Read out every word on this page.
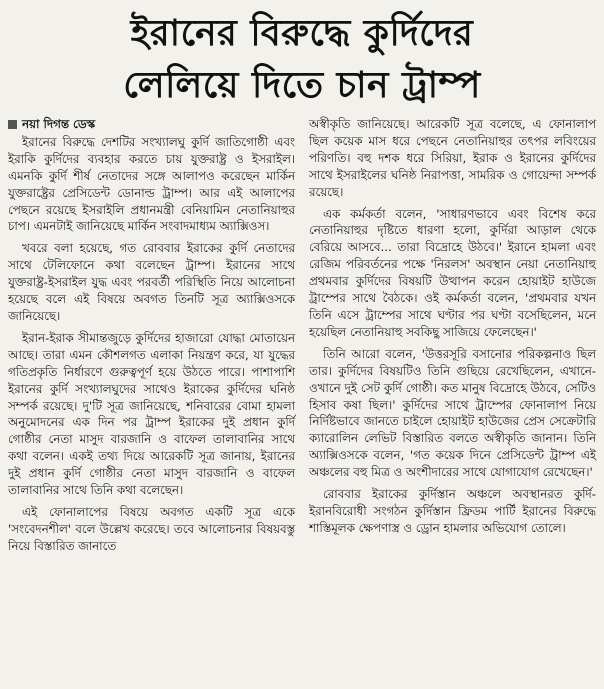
ইরানের বিরুদ্ধে কুর্দিদের
লেলিয়ে দিতে চান ট্রাম্প
নয়া দিগন্ত ডেস্ক

ইরানের বিরুদ্ধে দেশটির সংখ্যালঘু কুর্দি জাতিগোষ্ঠী এবং ইরাকি কুর্দিদের ব্যবহার করতে চায় যুক্তরাষ্ট্র ও ইসরাইল। এমনকি কুর্দি শীর্ষ নেতাদের সঙ্গে আলাপও করেছেন মার্কিন যুক্তরাষ্ট্রের প্রেসিডেন্ট ডোনাল্ড ট্রাম্প। আর এই আলাপের পেছনে রয়েছে ইসরাইলি প্রধানমন্ত্রী বেনিয়ামিন নেতানিয়াহুর চাপ। এমনটাই জানিয়েছে মার্কিন সংবাদমাধ্যম অ্যাক্সিওস।

খবরে বলা হয়েছে, গত রোববার ইরাকের কুর্দি নেতাদের সাথে টেলিফোনে কথা বলেছেন ট্রাম্প। ইরানের সাথে যুক্তরাষ্ট্র-ইসরাইল যুদ্ধ এবং পরবর্তী পরিস্থিতি নিয়ে আলোচনা হয়েছে বলে এই বিষয়ে অবগত তিনটি সূত্র অ্যাক্সিওসকে জানিয়েছে।

ইরান-ইরাক সীমান্তজুড়ে কুর্দিদের হাজারো যোদ্ধা মোতায়েন আছে। তারা এমন কৌশলগত এলাকা নিয়ন্ত্রণ করে, যা যুদ্ধের গতিপ্রকৃতি নির্ধারণে গুরুত্বপূর্ণ হয়ে উঠতে পারে। পাশাপাশি ইরানের কুর্দি সংখ্যালঘুদের সাথেও ইরাকের কুর্দিদের ঘনিষ্ঠ সম্পর্ক রয়েছে। দু'টি সূত্র জানিয়েছে, শনিবারের বোমা হামলা অনুমোদনের এক দিন পর ট্রাম্প ইরাকের দুই প্রধান কুর্দি গোষ্ঠীর নেতা মাসুদ বারজানি ও বাফেল তালাবানির সাথে কথা বলেন। একই তথ্য দিয়ে আরেকটি সূত্র জানায়, ইরানের দুই প্রধান কুর্দি গোষ্ঠীর নেতা মাসুদ বারজানি ও বাফেল তালাবানির সাথে তিনি কথা বলেছেন।

এই ফোনালাপের বিষয়ে অবগত একটি সূত্র একে 'সংবেদনশীল' বলে উল্লেখ করেছে। তবে আলোচনার বিষয়বস্তু নিয়ে বিস্তারিত জানাতে

অস্বীকৃতি জানিয়েছে। আরেকটি সূত্র বলেছে, এ ফোনালাপ ছিল কয়েক মাস ধরে পেছনে নেতানিয়াহুর তৎপর লবিংয়ের পরিণতি। বহু দশক ধরে সিরিয়া, ইরাক ও ইরানের কুর্দিদের সাথে ইসরাইলের ঘনিষ্ঠ নিরাপত্তা, সামরিক ও গোয়েন্দা সম্পর্ক রয়েছে।

এক কর্মকর্তা বলেন, 'সাধারণভাবে এবং বিশেষ করে নেতানিয়াহুর দৃষ্টিতে ধারণা হলো, কুর্দিরা আড়াল থেকে বেরিয়ে আসবে... তারা বিদ্রোহে উঠবে।' ইরানে হামলা এবং রেজিম পরিবর্তনের পক্ষে 'নিরলস' অবস্থান নেয়া নেতানিয়াহু প্রথমবার কুর্দিদের বিষয়টি উত্থাপন করেন হোয়াইট হাউজে ট্রাম্পের সাথে বৈঠকে। ওই কর্মকর্তা বলেন, 'প্রথমবার যখন তিনি এসে ট্রাম্পের সাথে ঘণ্টার পর ঘণ্টা বসেছিলেন, মনে হয়েছিল নেতানিয়াহু সবকিছু সাজিয়ে ফেলেছেন।'

তিনি আরো বলেন, 'উত্তরসূরি বসানোর পরিকল্পনাও ছিল তার। কুর্দিদের বিষয়টিও তিনি গুছিয়ে রেখেছিলেন, এখানে-ওখানে দুই সেট কুর্দি গোষ্ঠী। কত মানুষ বিদ্রোহে উঠবে, সেটিও হিসাব কষা ছিল।' কুর্দিদের সাথে ট্রাম্পের ফোনালাপ নিয়ে নির্দিষ্টভাবে জানতে চাইলে হোয়াইট হাউজের প্রেস সেক্রেটারি ক্যারোলিন লেভিট বিস্তারিত বলতে অস্বীকৃতি জানান। তিনি অ্যাক্সিওসকে বলেন, 'গত কয়েক দিনে প্রেসিডেন্ট ট্রাম্প এই অঞ্চলের বহু মিত্র ও অংশীদারের সাথে যোগাযোগ রেখেছেন।'

রোববার ইরাকের কুর্দিস্তান অঞ্চলে অবস্থানরত কুর্দি-ইরানবিরোধী সংগঠন কুর্দিস্তান ফ্রিডম পার্টি ইরানের বিরুদ্ধে শাস্তিমূলক ক্ষেপণাস্ত্র ও ড্রোন হামলার অভিযোগ তোলে।
